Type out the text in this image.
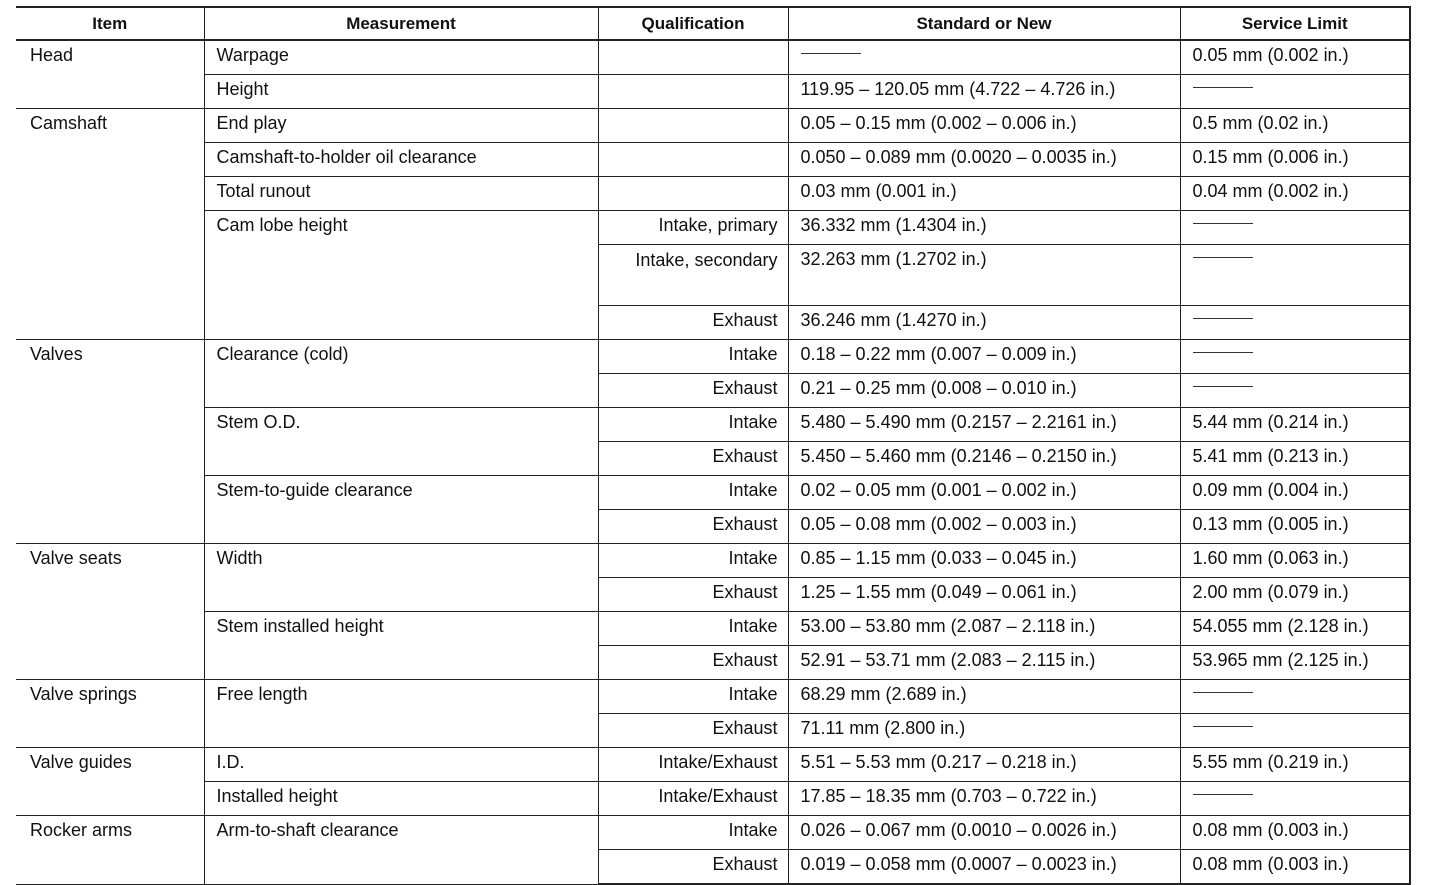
Item	Measurement	Qualification	Standard or New	Service Limit
Head	Warpage			0.05 mm (0.002 in.)
	Height		119.95 – 120.05 mm (4.722 – 4.726 in.)	
Camshaft	End play		0.05 – 0.15 mm (0.002 – 0.006 in.)	0.5 mm (0.02 in.)
	Camshaft-to-holder oil clearance		0.050 – 0.089 mm (0.0020 – 0.0035 in.)	0.15 mm (0.006 in.)
	Total runout		0.03 mm (0.001 in.)	0.04 mm (0.002 in.)
	Cam lobe height	Intake, primary	36.332 mm (1.4304 in.)	
		Intake, secondary	32.263 mm (1.2702 in.)	
		Exhaust	36.246 mm (1.4270 in.)	
Valves	Clearance (cold)	Intake	0.18 – 0.22 mm (0.007 – 0.009 in.)	
		Exhaust	0.21 – 0.25 mm (0.008 – 0.010 in.)	
	Stem O.D.	Intake	5.480 – 5.490 mm (0.2157 – 2.2161 in.)	5.44 mm (0.214 in.)
		Exhaust	5.450 – 5.460 mm (0.2146 – 0.2150 in.)	5.41 mm (0.213 in.)
	Stem-to-guide clearance	Intake	0.02 – 0.05 mm (0.001 – 0.002 in.)	0.09 mm (0.004 in.)
		Exhaust	0.05 – 0.08 mm (0.002 – 0.003 in.)	0.13 mm (0.005 in.)
Valve seats	Width	Intake	0.85 – 1.15 mm (0.033 – 0.045 in.)	1.60 mm (0.063 in.)
		Exhaust	1.25 – 1.55 mm (0.049 – 0.061 in.)	2.00 mm (0.079 in.)
	Stem installed height	Intake	53.00 – 53.80 mm (2.087 – 2.118 in.)	54.055 mm (2.128 in.)
		Exhaust	52.91 – 53.71 mm (2.083 – 2.115 in.)	53.965 mm (2.125 in.)
Valve springs	Free length	Intake	68.29 mm (2.689 in.)	
		Exhaust	71.11 mm (2.800 in.)	
Valve guides	I.D.	Intake/Exhaust	5.51 – 5.53 mm (0.217 – 0.218 in.)	5.55 mm (0.219 in.)
	Installed height	Intake/Exhaust	17.85 – 18.35 mm (0.703 – 0.722 in.)	
Rocker arms	Arm-to-shaft clearance	Intake	0.026 – 0.067 mm (0.0010 – 0.0026 in.)	0.08 mm (0.003 in.)
		Exhaust	0.019 – 0.058 mm (0.0007 – 0.0023 in.)	0.08 mm (0.003 in.)
